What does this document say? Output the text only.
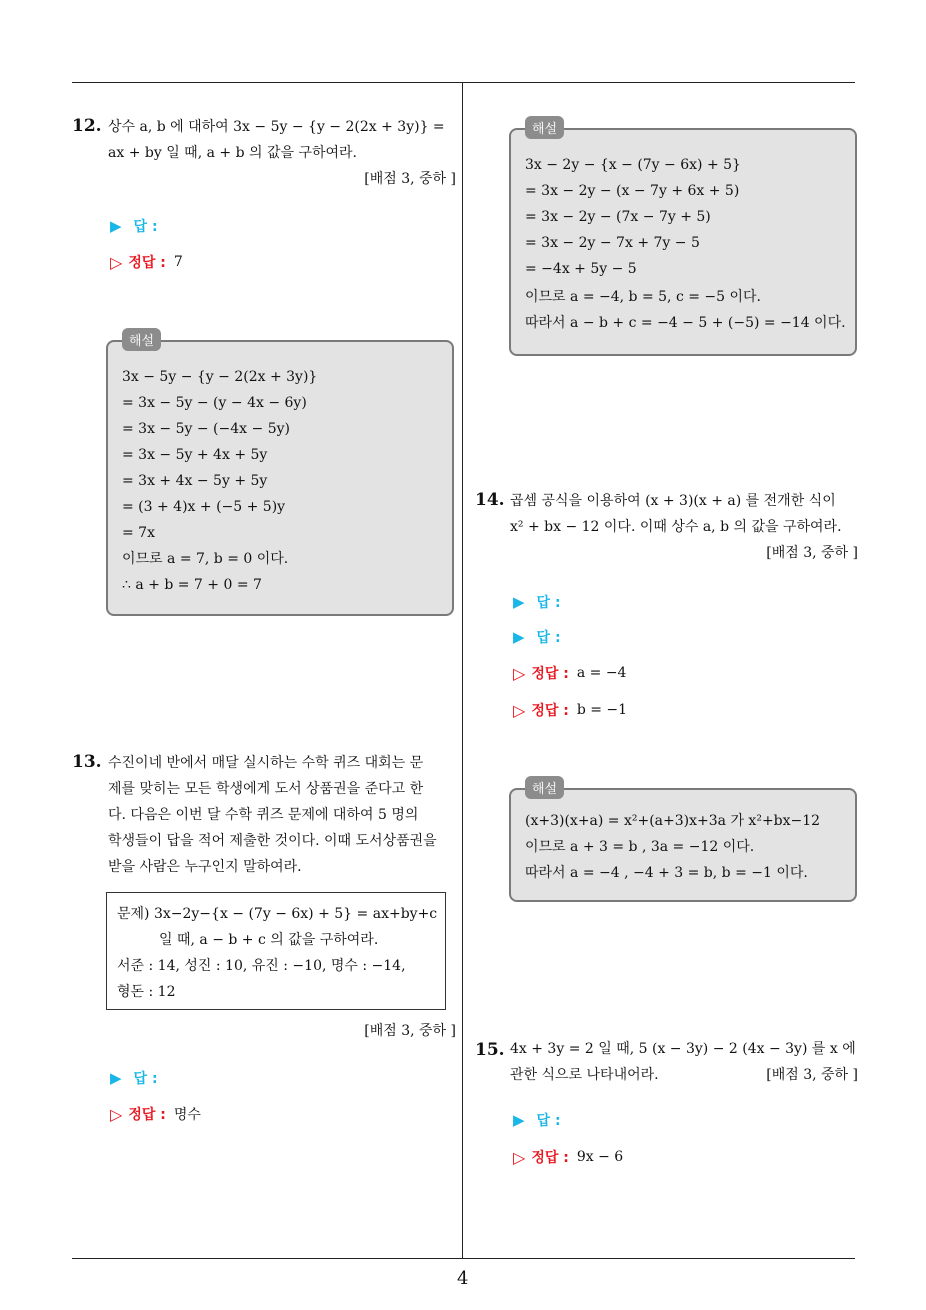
12. 상수 a, b 에 대하여 3x − 5y − {y − 2(2x + 3y)} =

ax + by 일 때, a + b 의 값을 구하여라.

[배점 3, 중하 ]

▶ 답 :
▷ 정답 : 7
해설
3x − 5y − {y − 2(2x + 3y)}
= 3x − 5y − (y − 4x − 6y)
= 3x − 5y − (−4x − 5y)
= 3x − 5y + 4x + 5y
= 3x + 4x − 5y + 5y
= (3 + 4)x + (−5 + 5)y
= 7x
이므로 a = 7, b = 0 이다.
∴ a + b = 7 + 0 = 7
13. 수진이네 반에서 매달 실시하는 수학 퀴즈 대회는 문

제를 맞히는 모든 학생에게 도서 상품권을 준다고 한

다. 다음은 이번 달 수학 퀴즈 문제에 대하여 5 명의

학생들이 답을 적어 제출한 것이다. 이때 도서상품권을

받을 사람은 누구인지 말하여라.

문제) 3x−2y−{x − (7y − 6x) + 5} = ax+by+c
일 때, a − b + c 의 값을 구하여라.
서준 : 14, 성진 : 10, 유진 : −10, 명수 : −14,
형돈 : 12
[배점 3, 중하 ]
▶ 답 :
▷ 정답 : 명수
해설
3x − 2y − {x − (7y − 6x) + 5}
= 3x − 2y − (x − 7y + 6x + 5)
= 3x − 2y − (7x − 7y + 5)
= 3x − 2y − 7x + 7y − 5
= −4x + 5y − 5
이므로 a = −4, b = 5, c = −5 이다.
따라서 a − b + c = −4 − 5 + (−5) = −14 이다.
14. 곱셈 공식을 이용하여 (x + 3)(x + a) 를 전개한 식이

x² + bx − 12 이다. 이때 상수 a, b 의 값을 구하여라.

[배점 3, 중하 ]

▶ 답 :
▶ 답 :
▷ 정답 : a = −4
▷ 정답 : b = −1
해설
(x+3)(x+a) = x²+(a+3)x+3a 가 x²+bx−12
이므로 a + 3 = b , 3a = −12 이다.
따라서 a = −4 , −4 + 3 = b, b = −1 이다.
15. 4x + 3y = 2 일 때, 5 (x − 3y) − 2 (4x − 3y) 를 x 에

관한 식으로 나타내어라.	[배점 3, 중하 ]

▶ 답 :
▷ 정답 : 9x − 6
4
